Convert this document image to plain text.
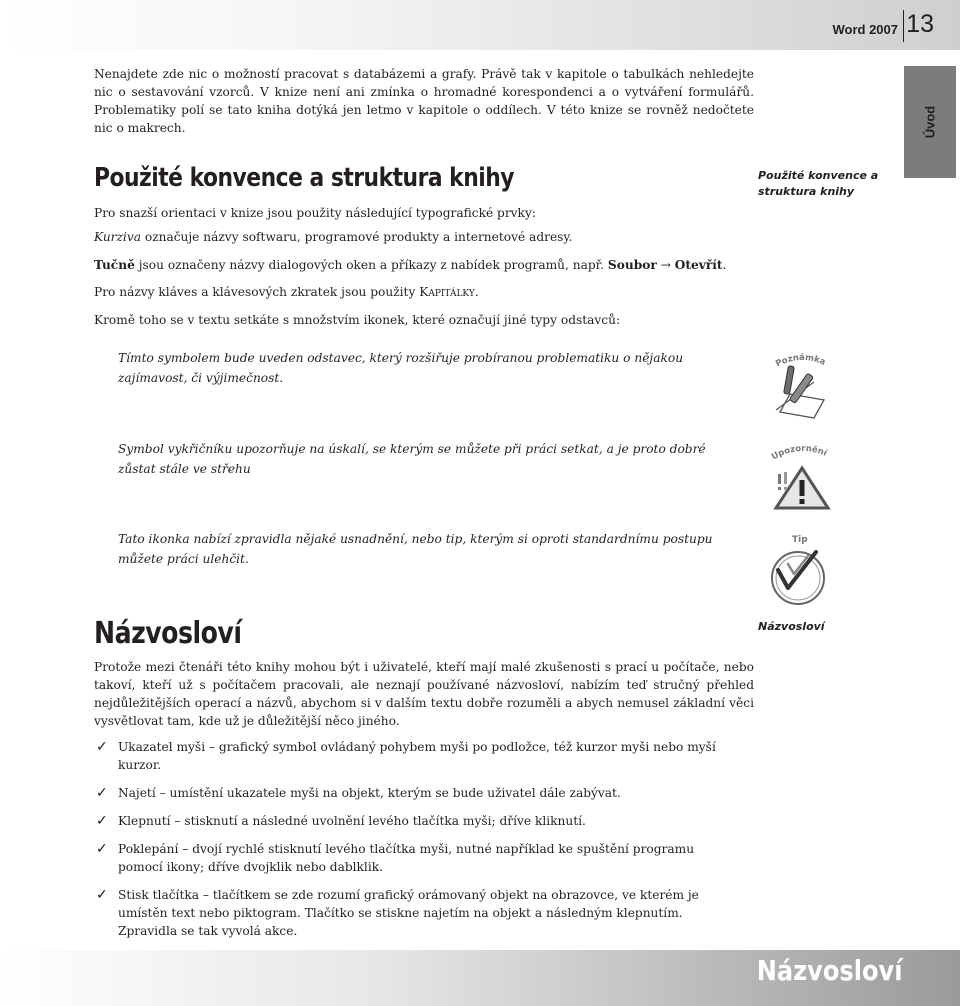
Word 2007 13
Úvod
Nenajdete zde nic o možností pracovat s databázemi a grafy. Právě tak v kapitole o tabulkách nehledejte nic o sestavování vzorců. V knize není ani zmínka o hromadné korespondenci a o vytváření formulářů. Problematiky polí se tato kniha dotýká jen letmo v kapitole o oddílech. V této knize se rovněž nedočtete nic o makrech.
Použité konvence a struktura knihy	Použité konvence a struktura knihy
Pro snazší orientaci v knize jsou použity následující typografické prvky:
Kurziva označuje názvy softwaru, programové produkty a internetové adresy.
Tučně jsou označeny názvy dialogových oken a příkazy z nabídek programů, např. Soubor → Otevřít.
Pro názvy kláves a klávesových zkratek jsou použity Kapitálky.
Kromě toho se v textu setkáte s množstvím ikonek, které označují jiné typy odstavců:
Tímto symbolem bude uveden odstavec, který rozšiřuje probíranou problematiku o nějakou zajímavost, či výjimečnost.
Symbol vykřičníku upozorňuje na úskalí, se kterým se můžete při práci setkat, a je proto dobré zůstat stále ve střehu
Tato ikonka nabízí zpravidla nějaké usnadnění, nebo tip, kterým si oproti standardnímu postupu můžete práci ulehčit.
Poznámka
Upozornění
Tip
Názvosloví	Názvosloví
Protože mezi čtenáři této knihy mohou být i uživatelé, kteří mají malé zkušenosti s prací u počítače, nebo takoví, kteří už s počítačem pracovali, ale neznají používané názvosloví, nabízím teď stručný přehled nejdůležitějších operací a názvů, abychom si v dalším textu dobře rozuměli a abych nemusel základní věci vysvětlovat tam, kde už je důležitější něco jiného.
✓ Ukazatel myši – grafický symbol ovládaný pohybem myši po podložce, též kurzor myši nebo myší kurzor.
✓ Najetí – umístění ukazatele myši na objekt, kterým se bude uživatel dále zabývat.
✓ Klepnutí – stisknutí a následné uvolnění levého tlačítka myši; dříve kliknutí.
✓ Poklepání – dvojí rychlé stisknutí levého tlačítka myši, nutné například ke spuštění programu pomocí ikony; dříve dvojklik nebo dablklik.
✓ Stisk tlačítka – tlačítkem se zde rozumí grafický orámovaný objekt na obrazovce, ve kterém je umístěn text nebo piktogram. Tlačítko se stiskne najetím na objekt a následným klepnutím. Zpravidla se tak vyvolá akce.
Názvosloví
